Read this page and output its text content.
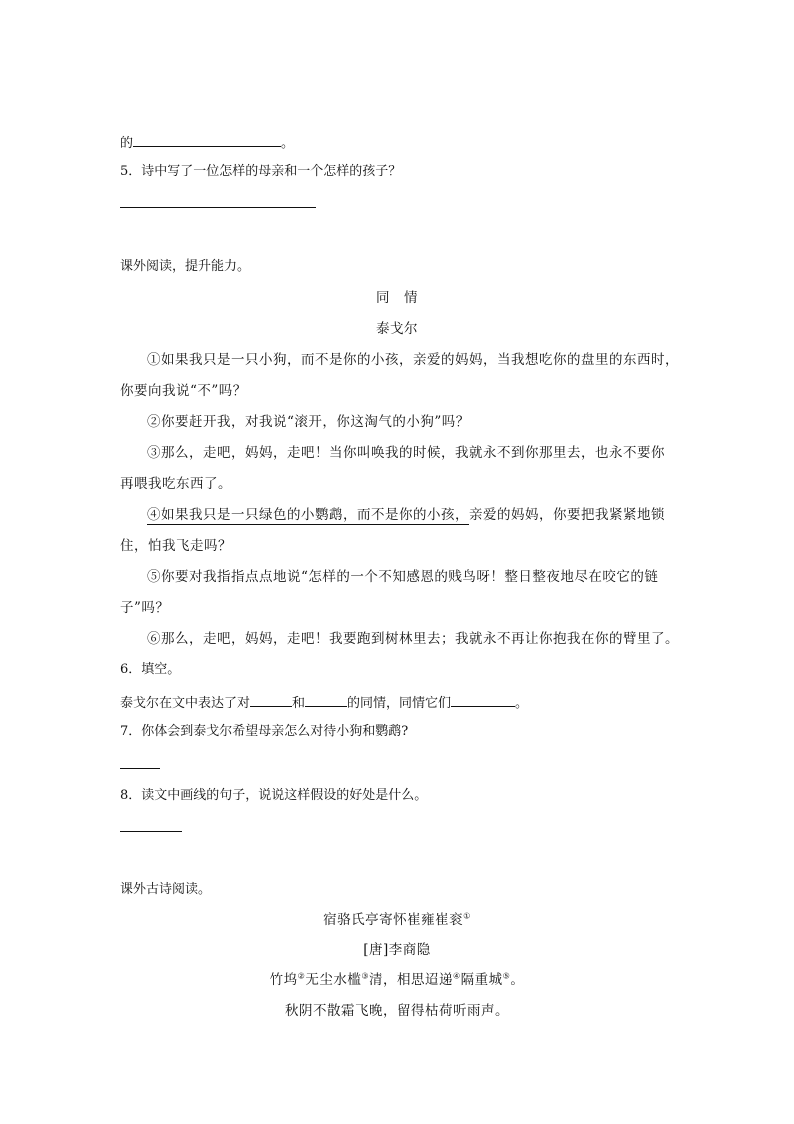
的	。
5．诗中写了一位怎样的母亲和一个怎样的孩子？
课外阅读，提升能力。
同　情
泰戈尔
①如果我只是一只小狗，而不是你的小孩，亲爱的妈妈，当我想吃你的盘里的东西时，
你要向我说“不”吗？
②你要赶开我，对我说“滚开，你这淘气的小狗”吗？
③那么，走吧，妈妈，走吧！当你叫唤我的时候，我就永不到你那里去，也永不要你
再喂我吃东西了。
④如果我只是一只绿色的小鹦鹉，而不是你的小孩，亲爱的妈妈，你要把我紧紧地锁
住，怕我飞走吗？
⑤你要对我指指点点地说“怎样的一个不知感恩的贱鸟呀！整日整夜地尽在咬它的链
子”吗？
⑥那么，走吧，妈妈，走吧！我要跑到树林里去；我就永不再让你抱我在你的臂里了。
6．填空。
泰戈尔在文中表达了对	和	的同情，同情它们	。
7．你体会到泰戈尔希望母亲怎么对待小狗和鹦鹉?
8．读文中画线的句子，说说这样假设的好处是什么。
课外古诗阅读。
宿骆氏亭寄怀崔雍崔衮①
[唐]李商隐
竹坞②无尘水槛③清，相思迢递④隔重城⑤。
秋阴不散霜飞晚，留得枯荷听雨声。
